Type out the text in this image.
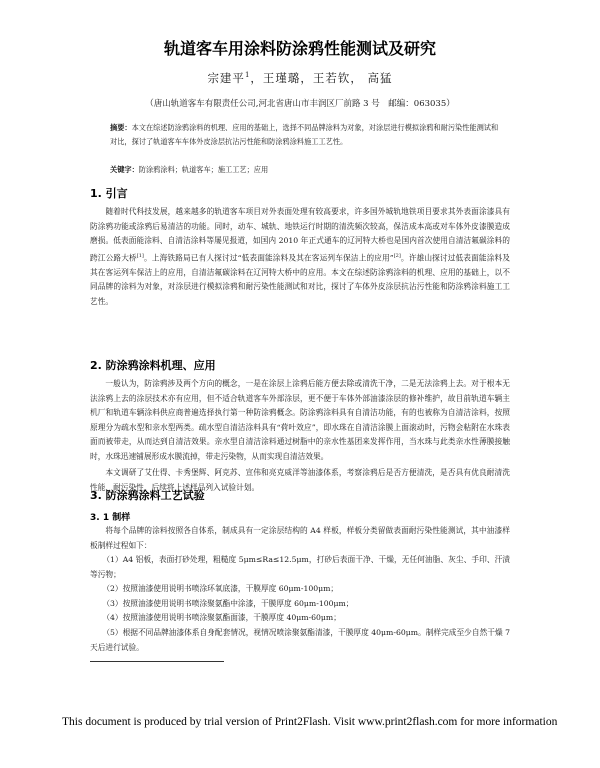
轨道客车用涂料防涂鸦性能测试及研究
宗建平$^1$，王瑾璐，王若钦， 高猛
（唐山轨道客车有限责任公司,河北省唐山市丰润区厂前路 3 号　邮编：063035）
摘要：本文在综述防涂鸦涂料的机理、应用的基础上，选择不同品牌涂料为对象，对涂层进行模拟涂鸦和耐污染性能测试和对比，探讨了轨道客车车体外皮涂层抗沾污性能和防涂鸦涂料施工工艺性。
关键字：防涂鸦涂料；轨道客车；施工工艺；应用
1. 引言

随着时代科技发展，越来越多的轨道客车项目对外表面处理有较高要求，许多国外城轨地铁项目要求其外表面涂漆具有防涂鸦功能或涂鸦后易清洁的功能。同时，动车、城轨、地铁运行时期的清洗频次较高，保洁成本高或对车体外皮漆膜造成磨损。低表面能涂料、自清洁涂料等屡见报道，如国内 2010 年正式通车的辽河特大桥也是国内首次使用自清洁氟碳涂料的跨江公路大桥[1]。上海铁路局已有人探讨过“低表面能涂料及其在客运列车保洁上的应用”[2]。许雄山探讨过低表面能涂料及其在客运列车保洁上的应用，自清洁氟碳涂料在辽河特大桥中的应用。本文在综述防涂鸦涂料的机理、应用的基础上，以不同品牌的涂料为对象，对涂层进行模拟涂鸦和耐污染性能测试和对比，探讨了车体外皮涂层抗沾污性能和防涂鸦涂料施工工艺性。

2. 防涂鸦涂料机理、应用

一般认为，防涂鸦涉及两个方向的概念，一是在涂层上涂鸦后能方便去除或清洗干净，二是无法涂鸦上去。对于根本无法涂鸦上去的涂层技术亦有应用，但不适合轨道客车外部涂层，更不便于车体外部油漆涂层的修补维护，故目前轨道车辆主机厂和轨道车辆涂料供应商普遍选择执行第一种防涂鸦概念。防涂鸦涂料具有自清洁功能，有的也被称为自清洁涂料，按照原理分为疏水型和亲水型两类。疏水型自清洁涂料具有“荷叶效应”，即水珠在自清洁涂膜上面滚动时，污物会粘附在水珠表面而被带走，从而达到自清洁效果。亲水型自清洁涂料通过树脂中的亲水性基团来发挥作用，当水珠与此类亲水性薄膜接触时，水珠迅速铺展形成水膜流掉，带走污染物，从而实现自清洁效果。

本文调研了艾仕得、卡秀堡辉、阿克苏、宣伟和亮克威洋等油漆体系，考察涂鸦后是否方便清洗，是否具有优良耐清洗性能、耐污染性，后续将上述样品列入试验计划。

3. 防涂鸦涂料工艺试验
3. 1 制样

将每个品牌的涂料按照各自体系，制成具有一定涂层结构的 A4 样板，样板分类留做表面耐污染性能测试，其中油漆样板制样过程如下：

（1）A4 铝板，表面打砂处理，粗糙度 5μm≤Ra≤12.5μm，打砂后表面干净、干燥，无任何油脂、灰尘、手印、汗渍等污物；

（2）按照油漆使用说明书喷涂环氧底漆，干膜厚度 60μm-100μm；

（3）按照油漆使用说明书喷涂聚氨酯中涂漆，干膜厚度 60μm-100μm；

（4）按照油漆使用说明书喷涂聚氨酯面漆，干膜厚度 40μm-60μm；

（5）根据不同品牌油漆体系自身配套情况，视情况喷涂聚氨酯清漆，干膜厚度 40μm-60μm。制样完成至少自然干燥 7 天后进行试验。

This document is produced by trial version of Print2Flash. Visit www.print2flash.com for more information
